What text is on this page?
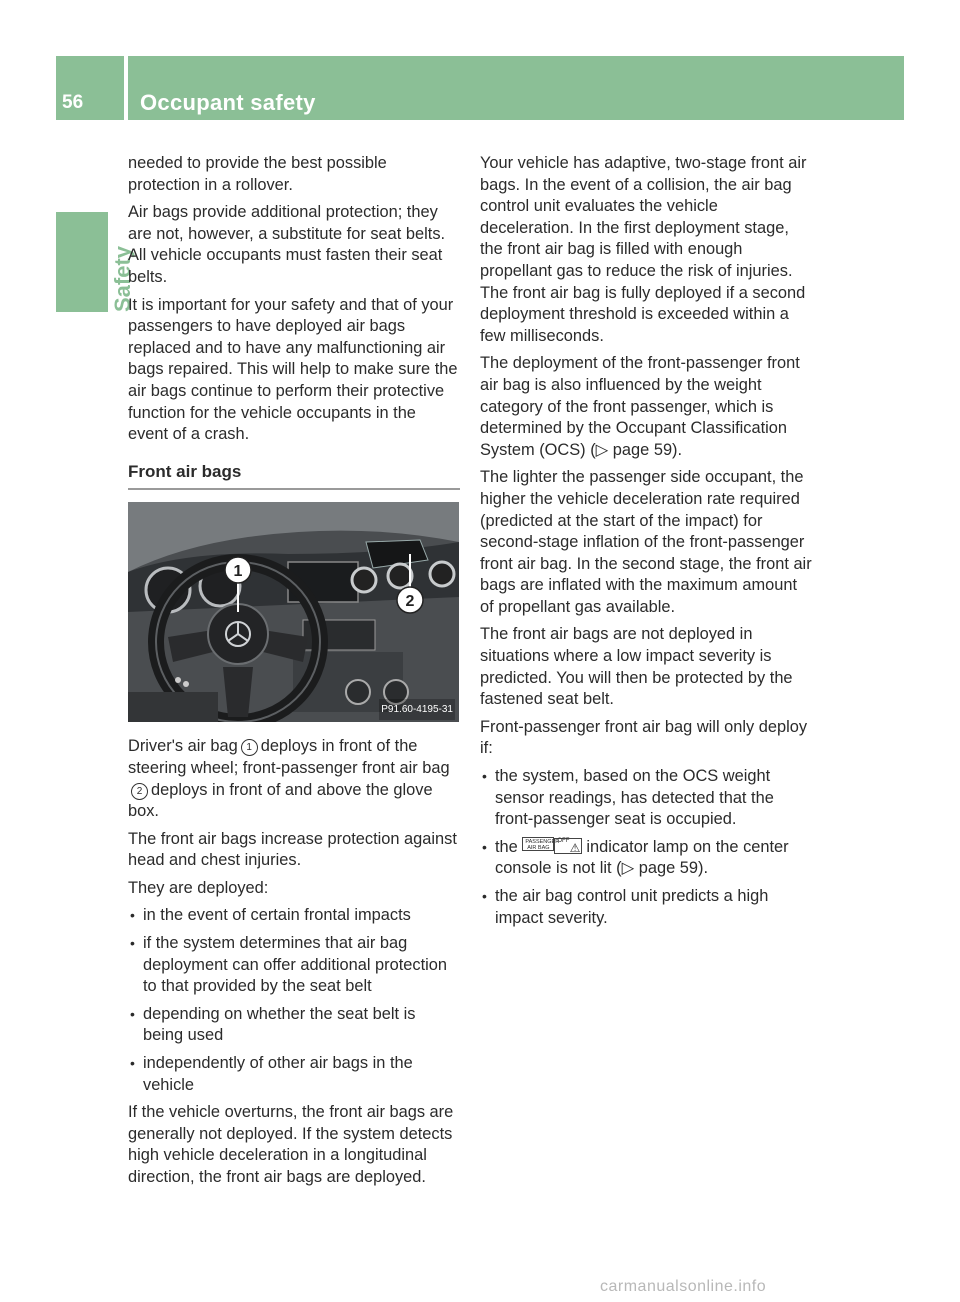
56	Occupant safety
Safety

needed to provide the best possible protection in a rollover.

Air bags provide additional protection; they are not, however, a substitute for seat belts. All vehicle occupants must fasten their seat belts.

It is important for your safety and that of your passengers to have deployed air bags replaced and to have any malfunctioning air bags repaired. This will help to make sure the air bags continue to perform their protective function for the vehicle occupants in the event of a crash.

Front air bags
1
2
P91.60-4195-31

Driver's air bag 1 deploys in front of the steering wheel; front-passenger front air bag2 deploys in front of and above the glove box.

The front air bags increase protection against head and chest injuries.

They are deployed:

• in the event of certain frontal impacts
• if the system determines that air bag deployment can offer additional protection to that provided by the seat belt
• depending on whether the seat belt is being used
• independently of other air bags in the vehicle

If the vehicle overturns, the front air bags are generally not deployed. If the system detects high vehicle deceleration in a longitudinal direction, the front air bags are deployed.

Your vehicle has adaptive, two-stage front air bags. In the event of a collision, the air bag control unit evaluates the vehicle deceleration. In the first deployment stage, the front air bag is filled with enough propellant gas to reduce the risk of injuries. The front air bag is fully deployed if a second deployment threshold is exceeded within a few milliseconds.

The deployment of the front-passenger front air bag is also influenced by the weight category of the front passenger, which is determined by the Occupant Classification System (OCS) (▷ page 59).

The lighter the passenger side occupant, the higher the vehicle deceleration rate required (predicted at the start of the impact) for second-stage inflation of the front-passenger front air bag. In the second stage, the front air bags are inflated with the maximum amount of propellant gas available.

The front air bags are not deployed in situations where a low impact severity is predicted. You will then be protected by the fastened seat belt.

Front-passenger front air bag will only deploy if:

• the system, based on the OCS weight sensor readings, has detected that the front-passenger seat is occupied.
• the PASSENGER
AIR BAG
OFF ⚠ indicator lamp on the center console is not lit (▷ page 59).
• the air bag control unit predicts a high impact severity.
carmanualsonline.info
